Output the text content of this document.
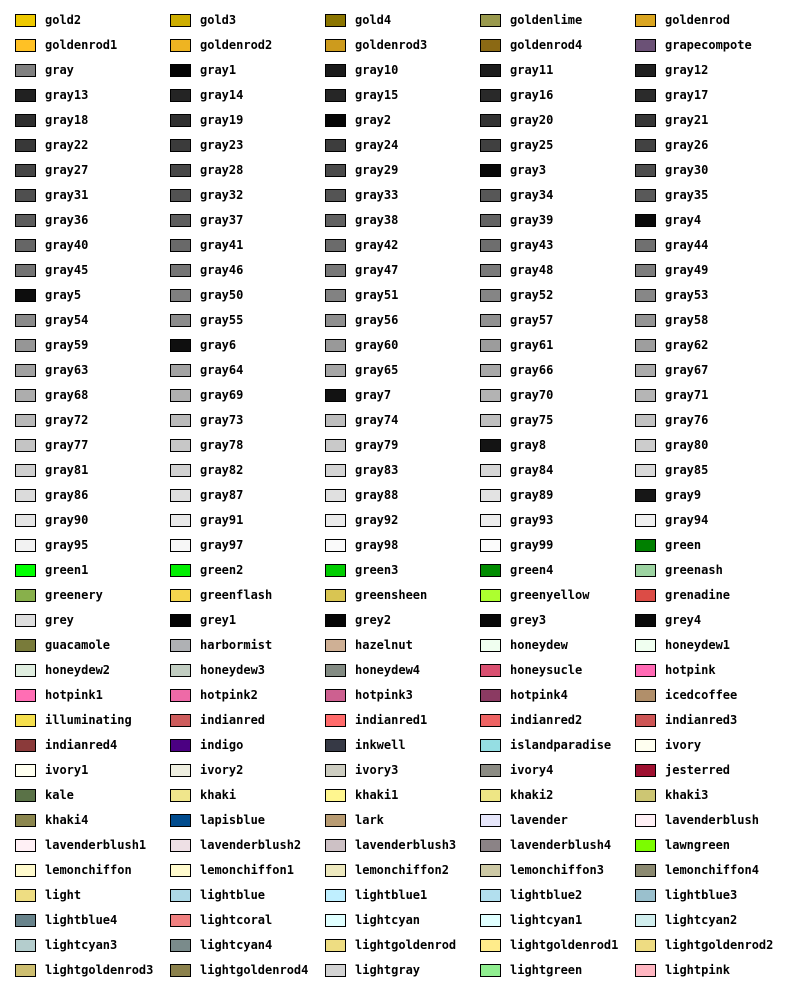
gold2	gold3	gold4	goldenlime	goldenrod
goldenrod1	goldenrod2	goldenrod3	goldenrod4	grapecompote
gray	gray1	gray10	gray11	gray12
gray13	gray14	gray15	gray16	gray17
gray18	gray19	gray2	gray20	gray21
gray22	gray23	gray24	gray25	gray26
gray27	gray28	gray29	gray3	gray30
gray31	gray32	gray33	gray34	gray35
gray36	gray37	gray38	gray39	gray4
gray40	gray41	gray42	gray43	gray44
gray45	gray46	gray47	gray48	gray49
gray5	gray50	gray51	gray52	gray53
gray54	gray55	gray56	gray57	gray58
gray59	gray6	gray60	gray61	gray62
gray63	gray64	gray65	gray66	gray67
gray68	gray69	gray7	gray70	gray71
gray72	gray73	gray74	gray75	gray76
gray77	gray78	gray79	gray8	gray80
gray81	gray82	gray83	gray84	gray85
gray86	gray87	gray88	gray89	gray9
gray90	gray91	gray92	gray93	gray94
gray95	gray97	gray98	gray99	green
green1	green2	green3	green4	greenash
greenery	greenflash	greensheen	greenyellow	grenadine
grey	grey1	grey2	grey3	grey4
guacamole	harbormist	hazelnut	honeydew	honeydew1
honeydew2	honeydew3	honeydew4	honeysucle	hotpink
hotpink1	hotpink2	hotpink3	hotpink4	icedcoffee
illuminating	indianred	indianred1	indianred2	indianred3
indianred4	indigo	inkwell	islandparadise	ivory
ivory1	ivory2	ivory3	ivory4	jesterred
kale	khaki	khaki1	khaki2	khaki3
khaki4	lapisblue	lark	lavender	lavenderblush
lavenderblush1	lavenderblush2	lavenderblush3	lavenderblush4	lawngreen
lemonchiffon	lemonchiffon1	lemonchiffon2	lemonchiffon3	lemonchiffon4
light	lightblue	lightblue1	lightblue2	lightblue3
lightblue4	lightcoral	lightcyan	lightcyan1	lightcyan2
lightcyan3	lightcyan4	lightgoldenrod	lightgoldenrod1	lightgoldenrod2
lightgoldenrod3	lightgoldenrod4	lightgray	lightgreen	lightpink
